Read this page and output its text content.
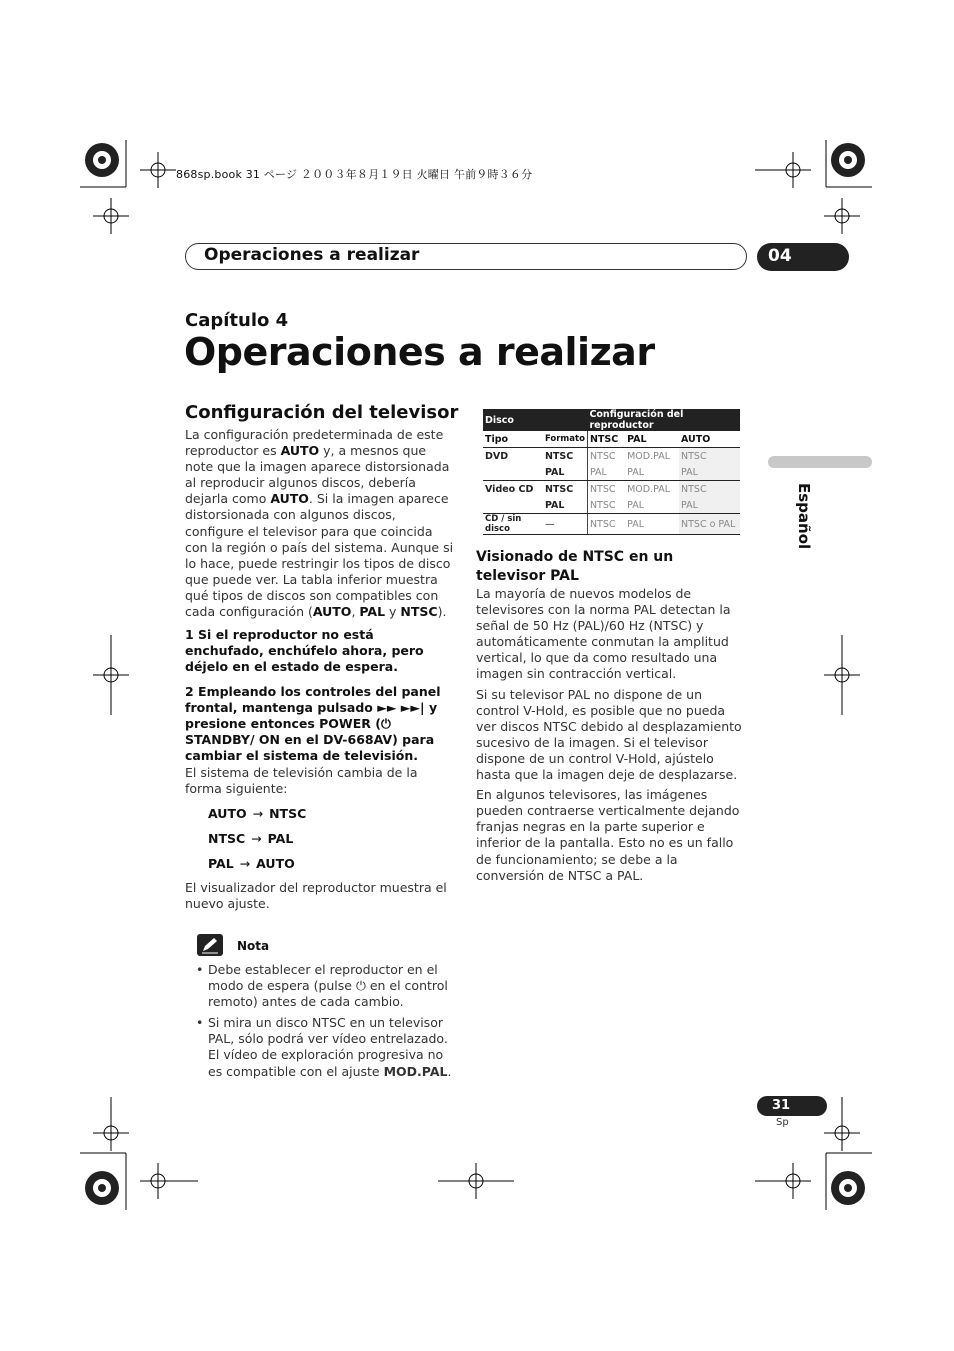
868sp.book 31 ページ ２００３年８月１９日 火曜日 午前９時３６分
Operaciones a realizar	04
Capítulo 4
Operaciones a realizar
Español
Configuración del televisor

La configuración predeterminada de este reproductor es AUTO y, a mesnos que note que la imagen aparece distorsionada al reproducir algunos discos, debería dejarla como AUTO. Si la imagen aparece distorsionada con algunos discos, configure el televisor para que coincida con la región o país del sistema. Aunque si lo hace, puede restringir los tipos de disco que puede ver. La tabla inferior muestra qué tipos de discos son compatibles con cada configuración (AUTO, PAL y NTSC).

1 Si el reproductor no está enchufado, enchúfelo ahora, pero déjelo en el estado de espera.
2 Empleando los controles del panel frontal, mantenga pulsado ►► ►►| y presione entonces POWER (⏻ STANDBY/ ON en el DV-668AV) para cambiar el sistema de televisión.
El sistema de televisión cambia de la forma siguiente:
AUTO → NTSC
NTSC → PAL
PAL → AUTO
El visualizador del reproductor muestra el nuevo ajuste.
Nota
• Debe establecer el reproductor en el modo de espera (pulse ⏻ en el control remoto) antes de cada cambio.
• Si mira un disco NTSC en un televisor PAL, sólo podrá ver vídeo entrelazado. El vídeo de exploración progresiva no es compatible con el ajuste MOD.PAL.
Disco		Configuración del reproductor		
Tipo	Formato	NTSC	PAL	AUTO
DVD	NTSC	NTSC	MOD.PAL	NTSC
	PAL	PAL	PAL	PAL
Video CD	NTSC	NTSC	MOD.PAL	NTSC
	PAL	NTSC	PAL	PAL
CD / sin disco	—	NTSC	PAL	NTSC o PAL
Visionado de NTSC en un televisor PAL

La mayoría de nuevos modelos de televisores con la norma PAL detectan la señal de 50 Hz (PAL)/60 Hz (NTSC) y automáticamente conmutan la amplitud vertical, lo que da como resultado una imagen sin contracción vertical.

Si su televisor PAL no dispone de un control V-Hold, es posible que no pueda ver discos NTSC debido al desplazamiento sucesivo de la imagen. Si el televisor dispone de un control V-Hold, ajústelo hasta que la imagen deje de desplazarse.

En algunos televisores, las imágenes pueden contraerse verticalmente dejando franjas negras en la parte superior e inferior de la pantalla. Esto no es un fallo de funcionamiento; se debe a la conversión de NTSC a PAL.

31
Sp
